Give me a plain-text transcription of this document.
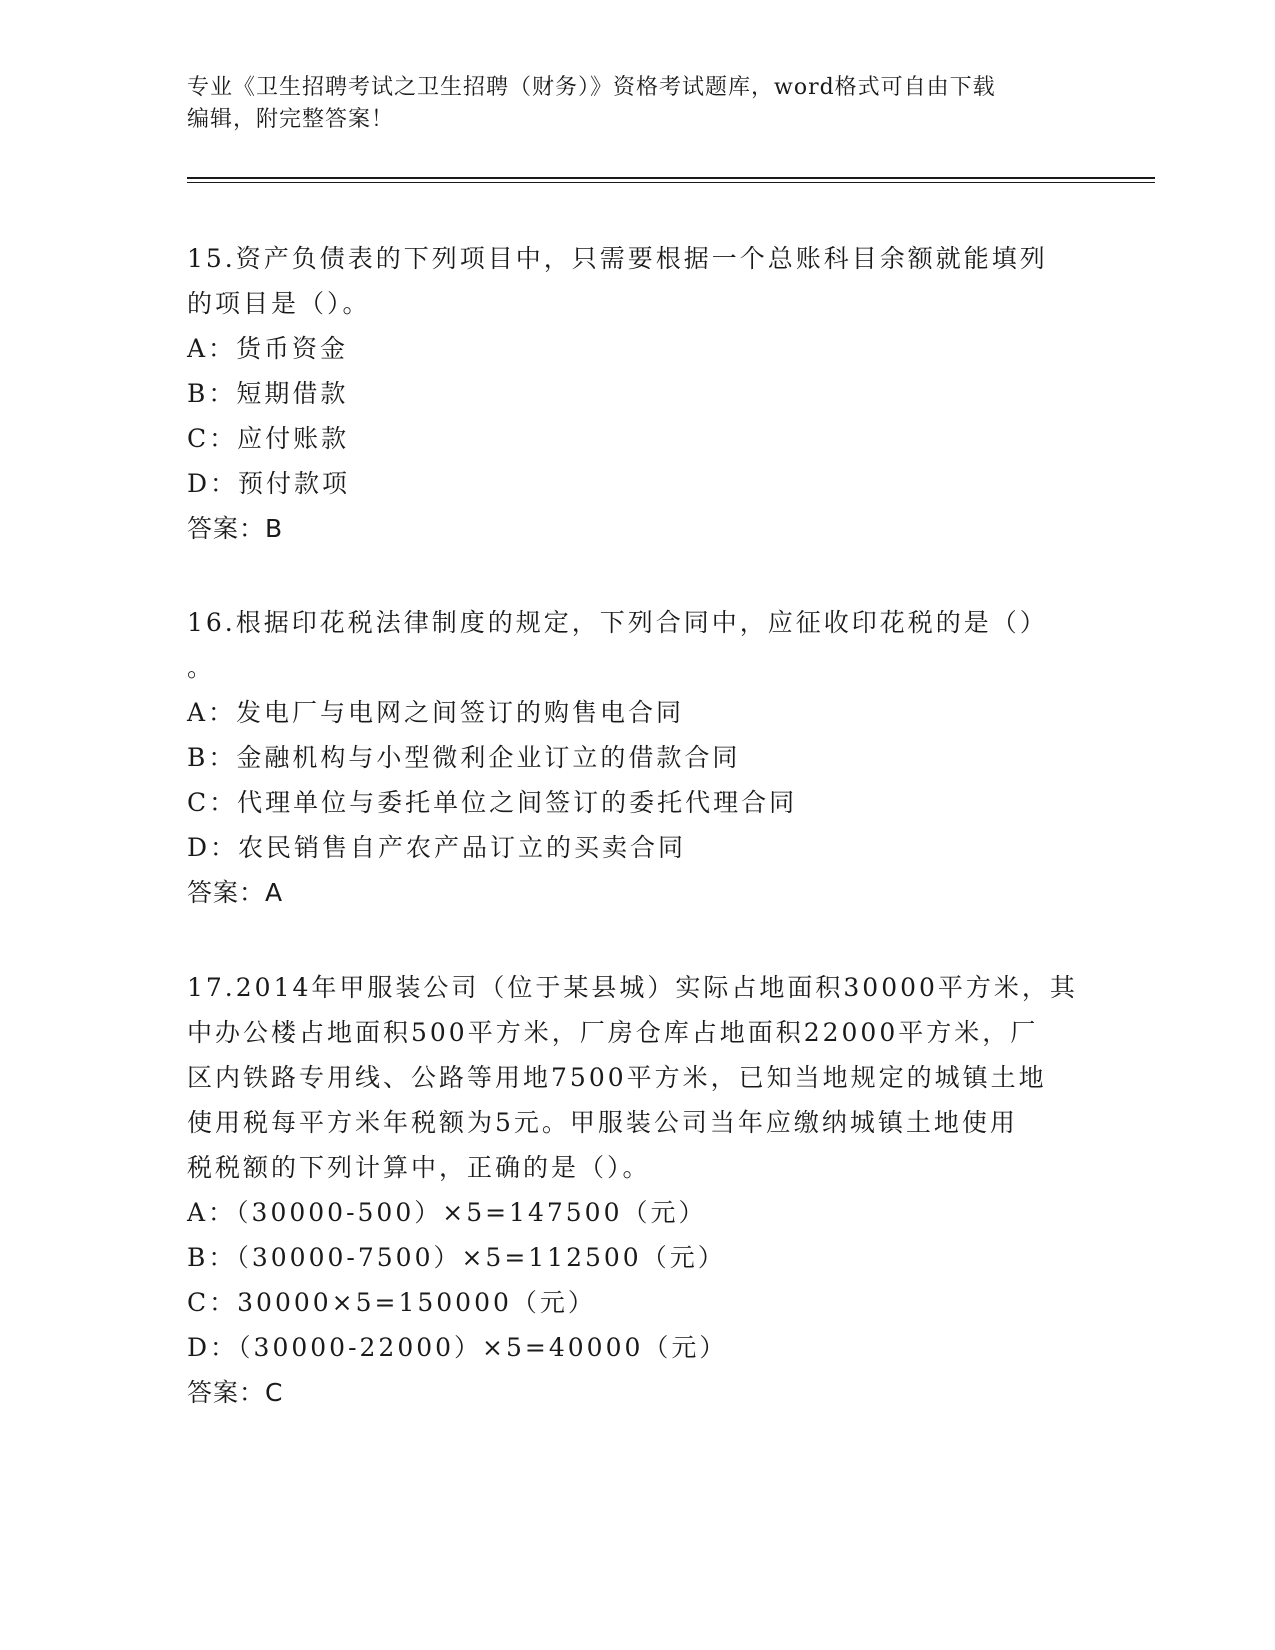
专业《卫生招聘考试之卫生招聘（财务）》资格考试题库，word格式可自由下载
编辑，附完整答案！
15.资产负债表的下列项目中，只需要根据一个总账科目余额就能填列
的项目是（）。
A：货币资金
B：短期借款
C：应付账款
D：预付款项
答案：B
16.根据印花税法律制度的规定，下列合同中，应征收印花税的是（）
。
A：发电厂与电网之间签订的购售电合同
B：金融机构与小型微利企业订立的借款合同
C：代理单位与委托单位之间签订的委托代理合同
D：农民销售自产农产品订立的买卖合同
答案：A
17.2014年甲服装公司（位于某县城）实际占地面积30000平方米，其
中办公楼占地面积500平方米，厂房仓库占地面积22000平方米，厂
区内铁路专用线、公路等用地7500平方米，已知当地规定的城镇土地
使用税每平方米年税额为5元。甲服装公司当年应缴纳城镇土地使用
税税额的下列计算中，正确的是（）。
A：（30000-500）×5=147500（元）
B：（30000-7500）×5=112500（元）
C：30000×5=150000（元）
D：（30000-22000）×5=40000（元）
答案：C
